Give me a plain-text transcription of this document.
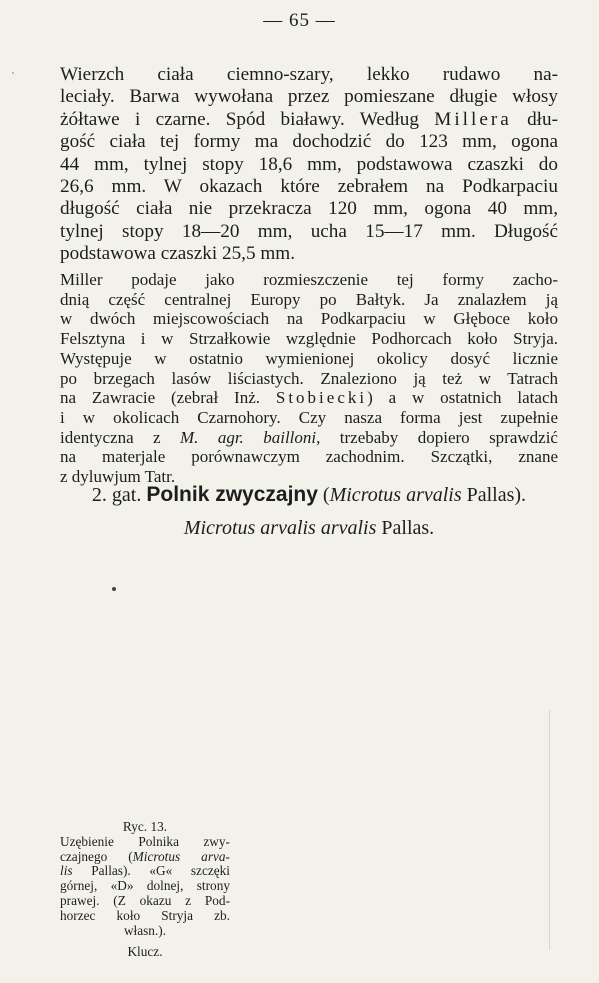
— 65 —

Wierzch ciała ciemno-szary, lekko rudawo na-
leciały. Barwa wywołana przez pomieszane długie włosy
żółtawe i czarne. Spód białawy. Według Millera dłu-
gość ciała tej formy ma dochodzić do 123 mm, ogona
44 mm, tylnej stopy 18,6 mm, podstawowa czaszki do
26,6 mm. W okazach które zebrałem na Podkarpaciu
długość ciała nie przekracza 120 mm, ogona 40 mm,
tylnej stopy 18—20 mm, ucha 15—17 mm. Długość
podstawowa czaszki 25,5 mm.

Miller podaje jako rozmieszczenie tej formy zacho-
dnią część centralnej Europy po Bałtyk. Ja znalazłem ją
w dwóch miejscowościach na Podkarpaciu w Głęboce koło
Felsztyna i w Strzałkowie względnie Podhorcach koło Stryja.
Występuje w ostatnio wymienionej okolicy dosyć licznie
po brzegach lasów liściastych. Znaleziono ją też w Tatrach
na Zawracie (zebrał Inż. Stobiecki) a w ostatnich latach
i w okolicach Czarnohory. Czy nasza forma jest zupełnie
identyczna z M. agr. bailloni, trzebaby dopiero sprawdzić
na materjale porównawczym zachodnim. Szczątki, znane
z dyluwjum Tatr.

2. gat. Polnik zwyczajny (Microtus arvalis Pallas).

Microtus arvalis arvalis Pallas.

Ryc. 13.
Uzębienie Polnika zwy-
czajnego (Microtus arva-
lis Pallas). «G« szczęki
górnej, «D» dolnej, strony
prawej. (Z okazu z Pod-
horzec koło Stryja zb.
własn.).

Klucz.
